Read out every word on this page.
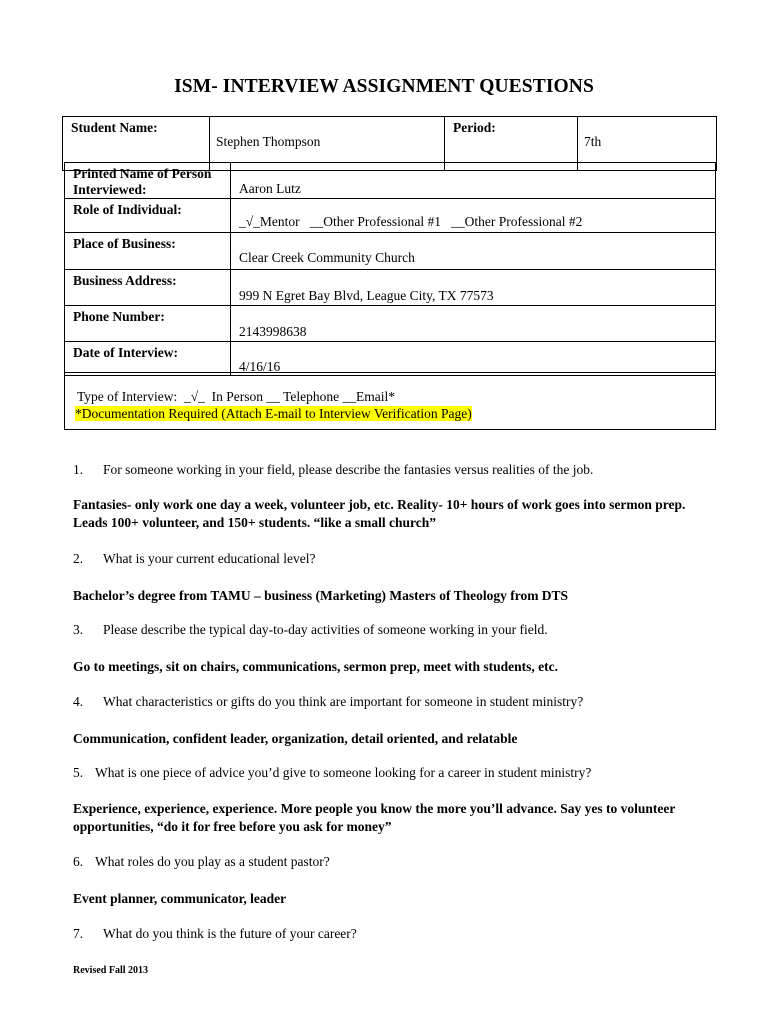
ISM- INTERVIEW ASSIGNMENT QUESTIONS
Student Name:	Stephen Thompson	Period:	7th
Printed Name of Person Interviewed:	Aaron Lutz

Role of Individual:	_√_Mentor   __Other Professional #1   __Other Professional #2

Place of Business:	Clear Creek Community Church

Business Address:	999 N Egret Bay Blvd, League City, TX 77573

Phone Number:	2143998638

Date of Interview:	4/16/16
Type of Interview:  _√_  In Person __ Telephone __Email*
*Documentation Required (Attach E-mail to Interview Verification Page)
1. For someone working in your field, please describe the fantasies versus realities of the job.
Fantasies- only work one day a week, volunteer job, etc. Reality- 10+ hours of work goes into sermon prep. Leads 100+ volunteer, and 150+ students. “like a small church”
2. What is your current educational level?
Bachelor’s degree from TAMU – business (Marketing) Masters of Theology from DTS
3. Please describe the typical day-to-day activities of someone working in your field.
Go to meetings, sit on chairs, communications, sermon prep, meet with students, etc.
4. What characteristics or gifts do you think are important for someone in student ministry?
Communication, confident leader, organization, detail oriented, and relatable
5. What is one piece of advice you’d give to someone looking for a career in student ministry?
Experience, experience, experience. More people you know the more you’ll advance. Say yes to volunteer opportunities, “do it for free before you ask for money”
6. What roles do you play as a student pastor?
Event planner, communicator, leader
7. What do you think is the future of your career?
Revised Fall 2013
